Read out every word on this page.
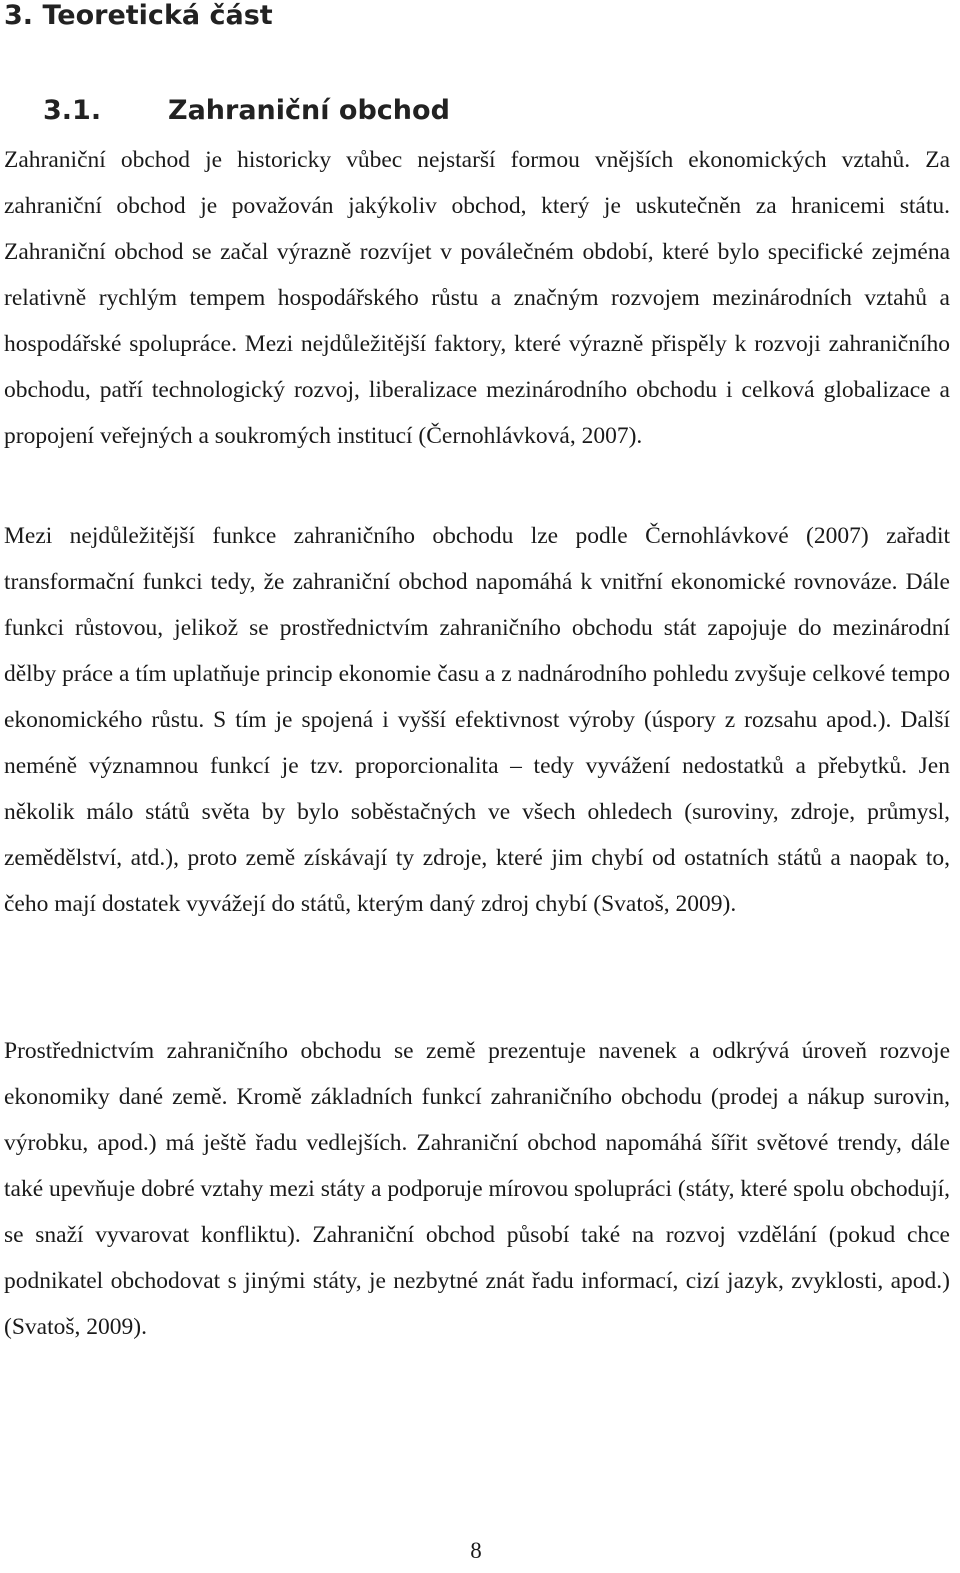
3. Teoretická část
3.1. Zahraniční obchod

Zahraniční obchod je historicky vůbec nejstarší formou vnějších ekonomických vztahů. Za zahraniční obchod je považován jakýkoliv obchod, který je uskutečněn za hranicemi státu. Zahraniční obchod se začal výrazně rozvíjet v poválečném období, které bylo specifické zejména relativně rychlým tempem hospodářského růstu a značným rozvojem mezinárodních vztahů a hospodářské spolupráce. Mezi nejdůležitější faktory, které výrazně přispěly k rozvoji zahraničního obchodu, patří technologický rozvoj, liberalizace mezinárodního obchodu i celková globalizace a propojení veřejných a soukromých institucí (Černohlávková, 2007).

Mezi nejdůležitější funkce zahraničního obchodu lze podle Černohlávkové (2007) zařadit transformační funkci tedy, že zahraniční obchod napomáhá k vnitřní ekonomické rovnováze. Dále funkci růstovou, jelikož se prostřednictvím zahraničního obchodu stát zapojuje do mezinárodní dělby práce a tím uplatňuje princip ekonomie času a z nadnárodního pohledu zvyšuje celkové tempo ekonomického růstu. S tím je spojená i vyšší efektivnost výroby (úspory z rozsahu apod.). Další neméně významnou funkcí je tzv. proporcionalita – tedy vyvážení nedostatků a přebytků. Jen několik málo států světa by bylo soběstačných ve všech ohledech (suroviny, zdroje, průmysl, zemědělství, atd.), proto země získávají ty zdroje, které jim chybí od ostatních států a naopak to, čeho mají dostatek vyvážejí do států, kterým daný zdroj chybí (Svatoš, 2009).

Prostřednictvím zahraničního obchodu se země prezentuje navenek a odkrývá úroveň rozvoje ekonomiky dané země. Kromě základních funkcí zahraničního obchodu (prodej a nákup surovin, výrobku, apod.) má ještě řadu vedlejších. Zahraniční obchod napomáhá šířit světové trendy, dále také upevňuje dobré vztahy mezi státy a podporuje mírovou spolupráci (státy, které spolu obchodují, se snaží vyvarovat konfliktu). Zahraniční obchod působí také na rozvoj vzdělání (pokud chce podnikatel obchodovat s jinými státy, je nezbytné znát řadu informací, cizí jazyk, zvyklosti, apod.) (Svatoš, 2009).

8
